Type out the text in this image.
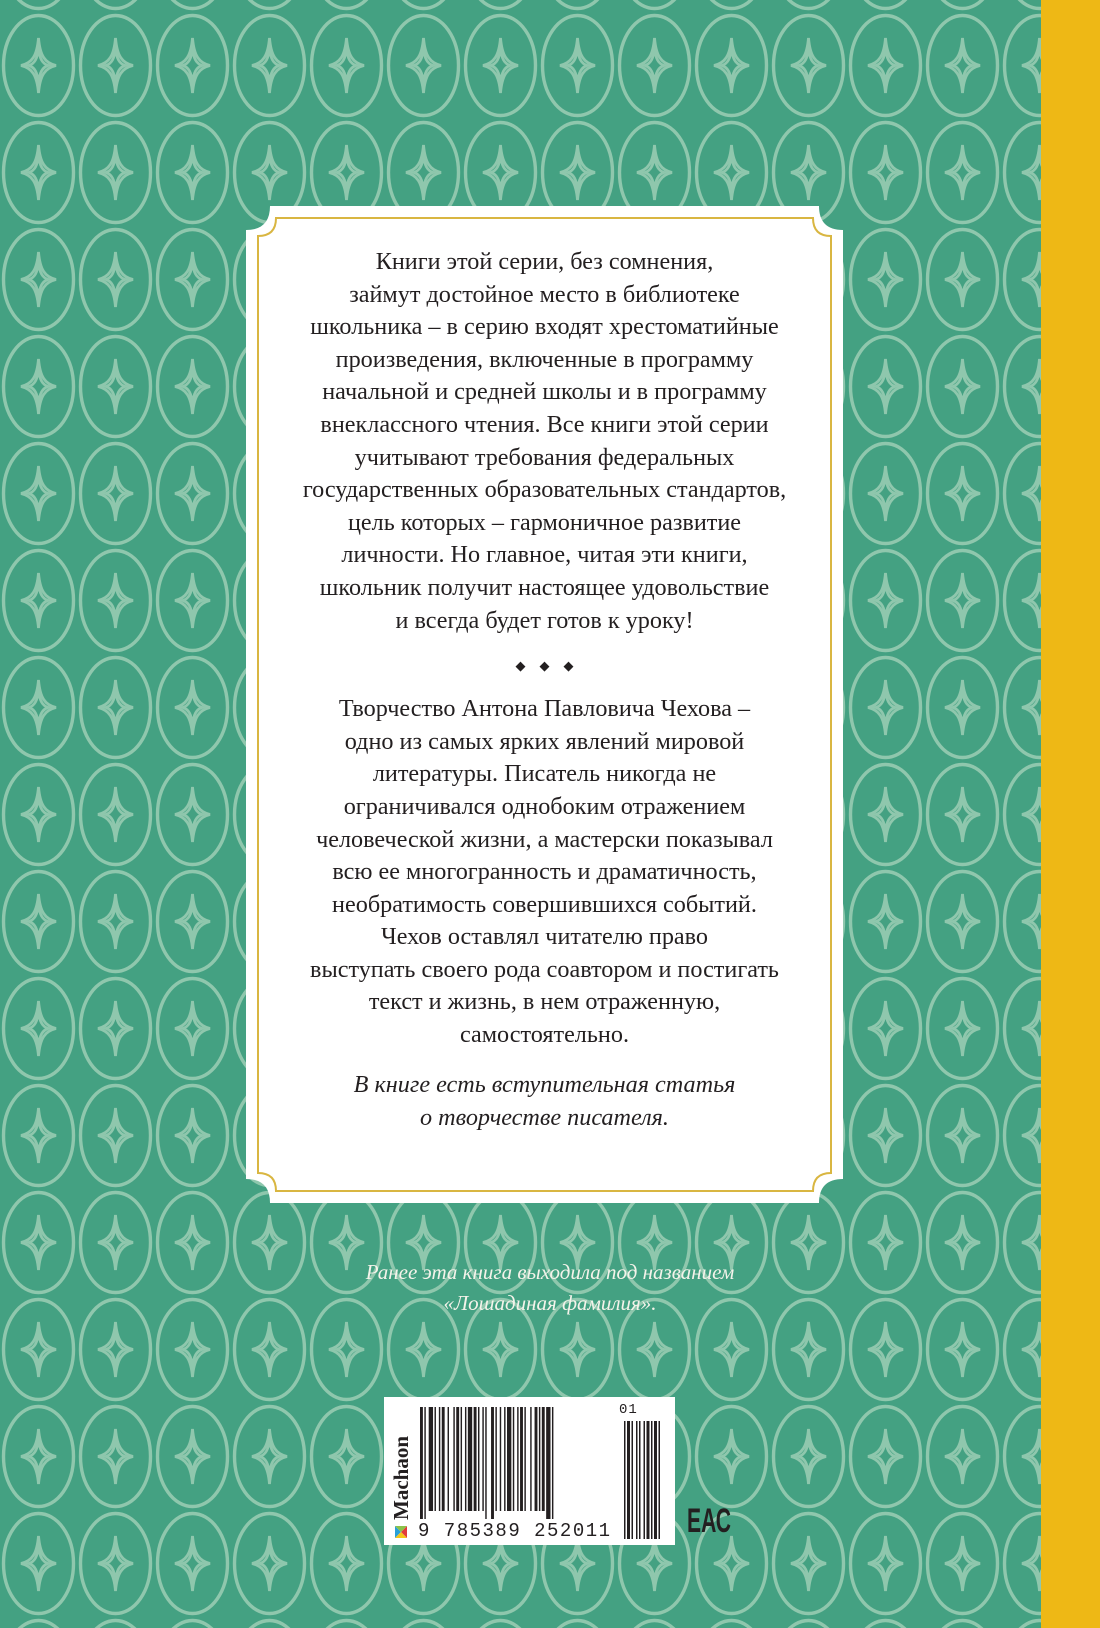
Книги этой серии, без сомнения,
займут достойное место в библиотеке
школьника – в серию входят хрестоматийные
произведения, включенные в программу
начальной и средней школы и в программу
внеклассного чтения. Все книги этой серии
учитывают требования федеральных
государственных образовательных стандартов,
цель которых – гармоничное развитие
личности. Но главное, читая эти книги,
школьник получит настоящее удовольствие
и всегда будет готов к уроку!

◆◆◆

Творчество Антона Павловича Чехова –
одно из самых ярких явлений мировой
литературы. Писатель никогда не
ограничивался однобоким отражением
человеческой жизни, а мастерски показывал
всю ее многогранность и драматичность,
необратимость совершившихся событий.
Чехов оставлял читателю право
выступать своего рода соавтором и постигать
текст и жизнь, в нем отраженную,
самостоятельно.

В книге есть вступительная статья
о творчестве писателя.

Ранее эта книга выходила под названием
«Лошадиная фамилия».
Machaon
9 785389 252011
01
ЕАС
